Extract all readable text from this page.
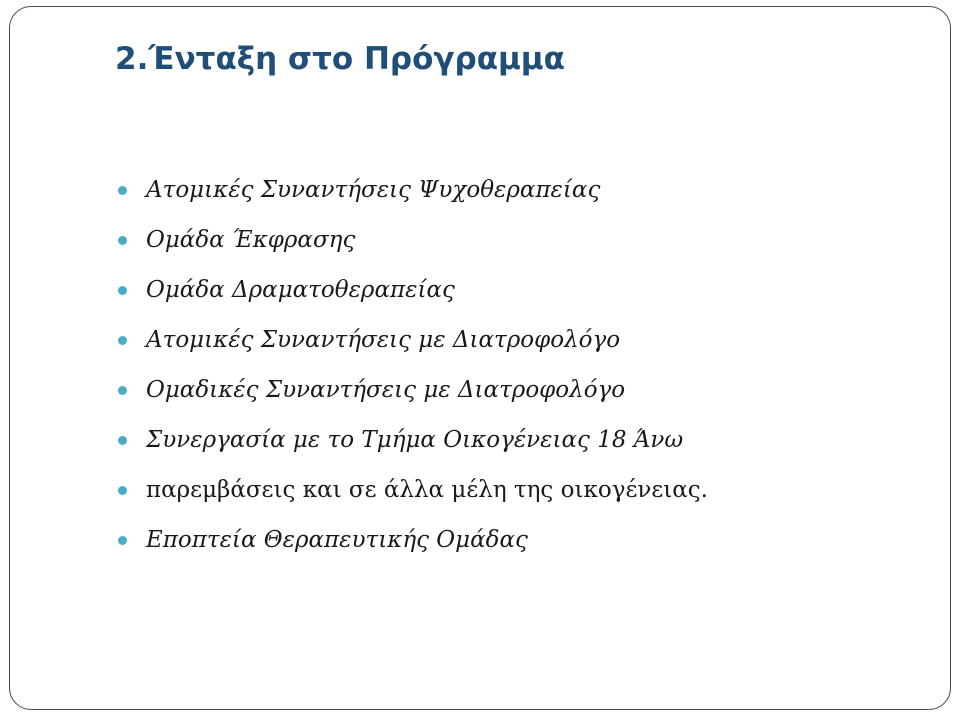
2.Ένταξη στο Πρόγραμμα
Ατομικές Συναντήσεις Ψυχοθεραπείας
Ομάδα Έκφρασης
Ομάδα Δραματοθεραπείας
Ατομικές Συναντήσεις με Διατροφολόγο
Ομαδικές Συναντήσεις με Διατροφολόγο
Συνεργασία με το Τμήμα Οικογένειας 18 Άνω
παρεμβάσεις και σε άλλα μέλη της οικογένειας.
Εποπτεία Θεραπευτικής Ομάδας
